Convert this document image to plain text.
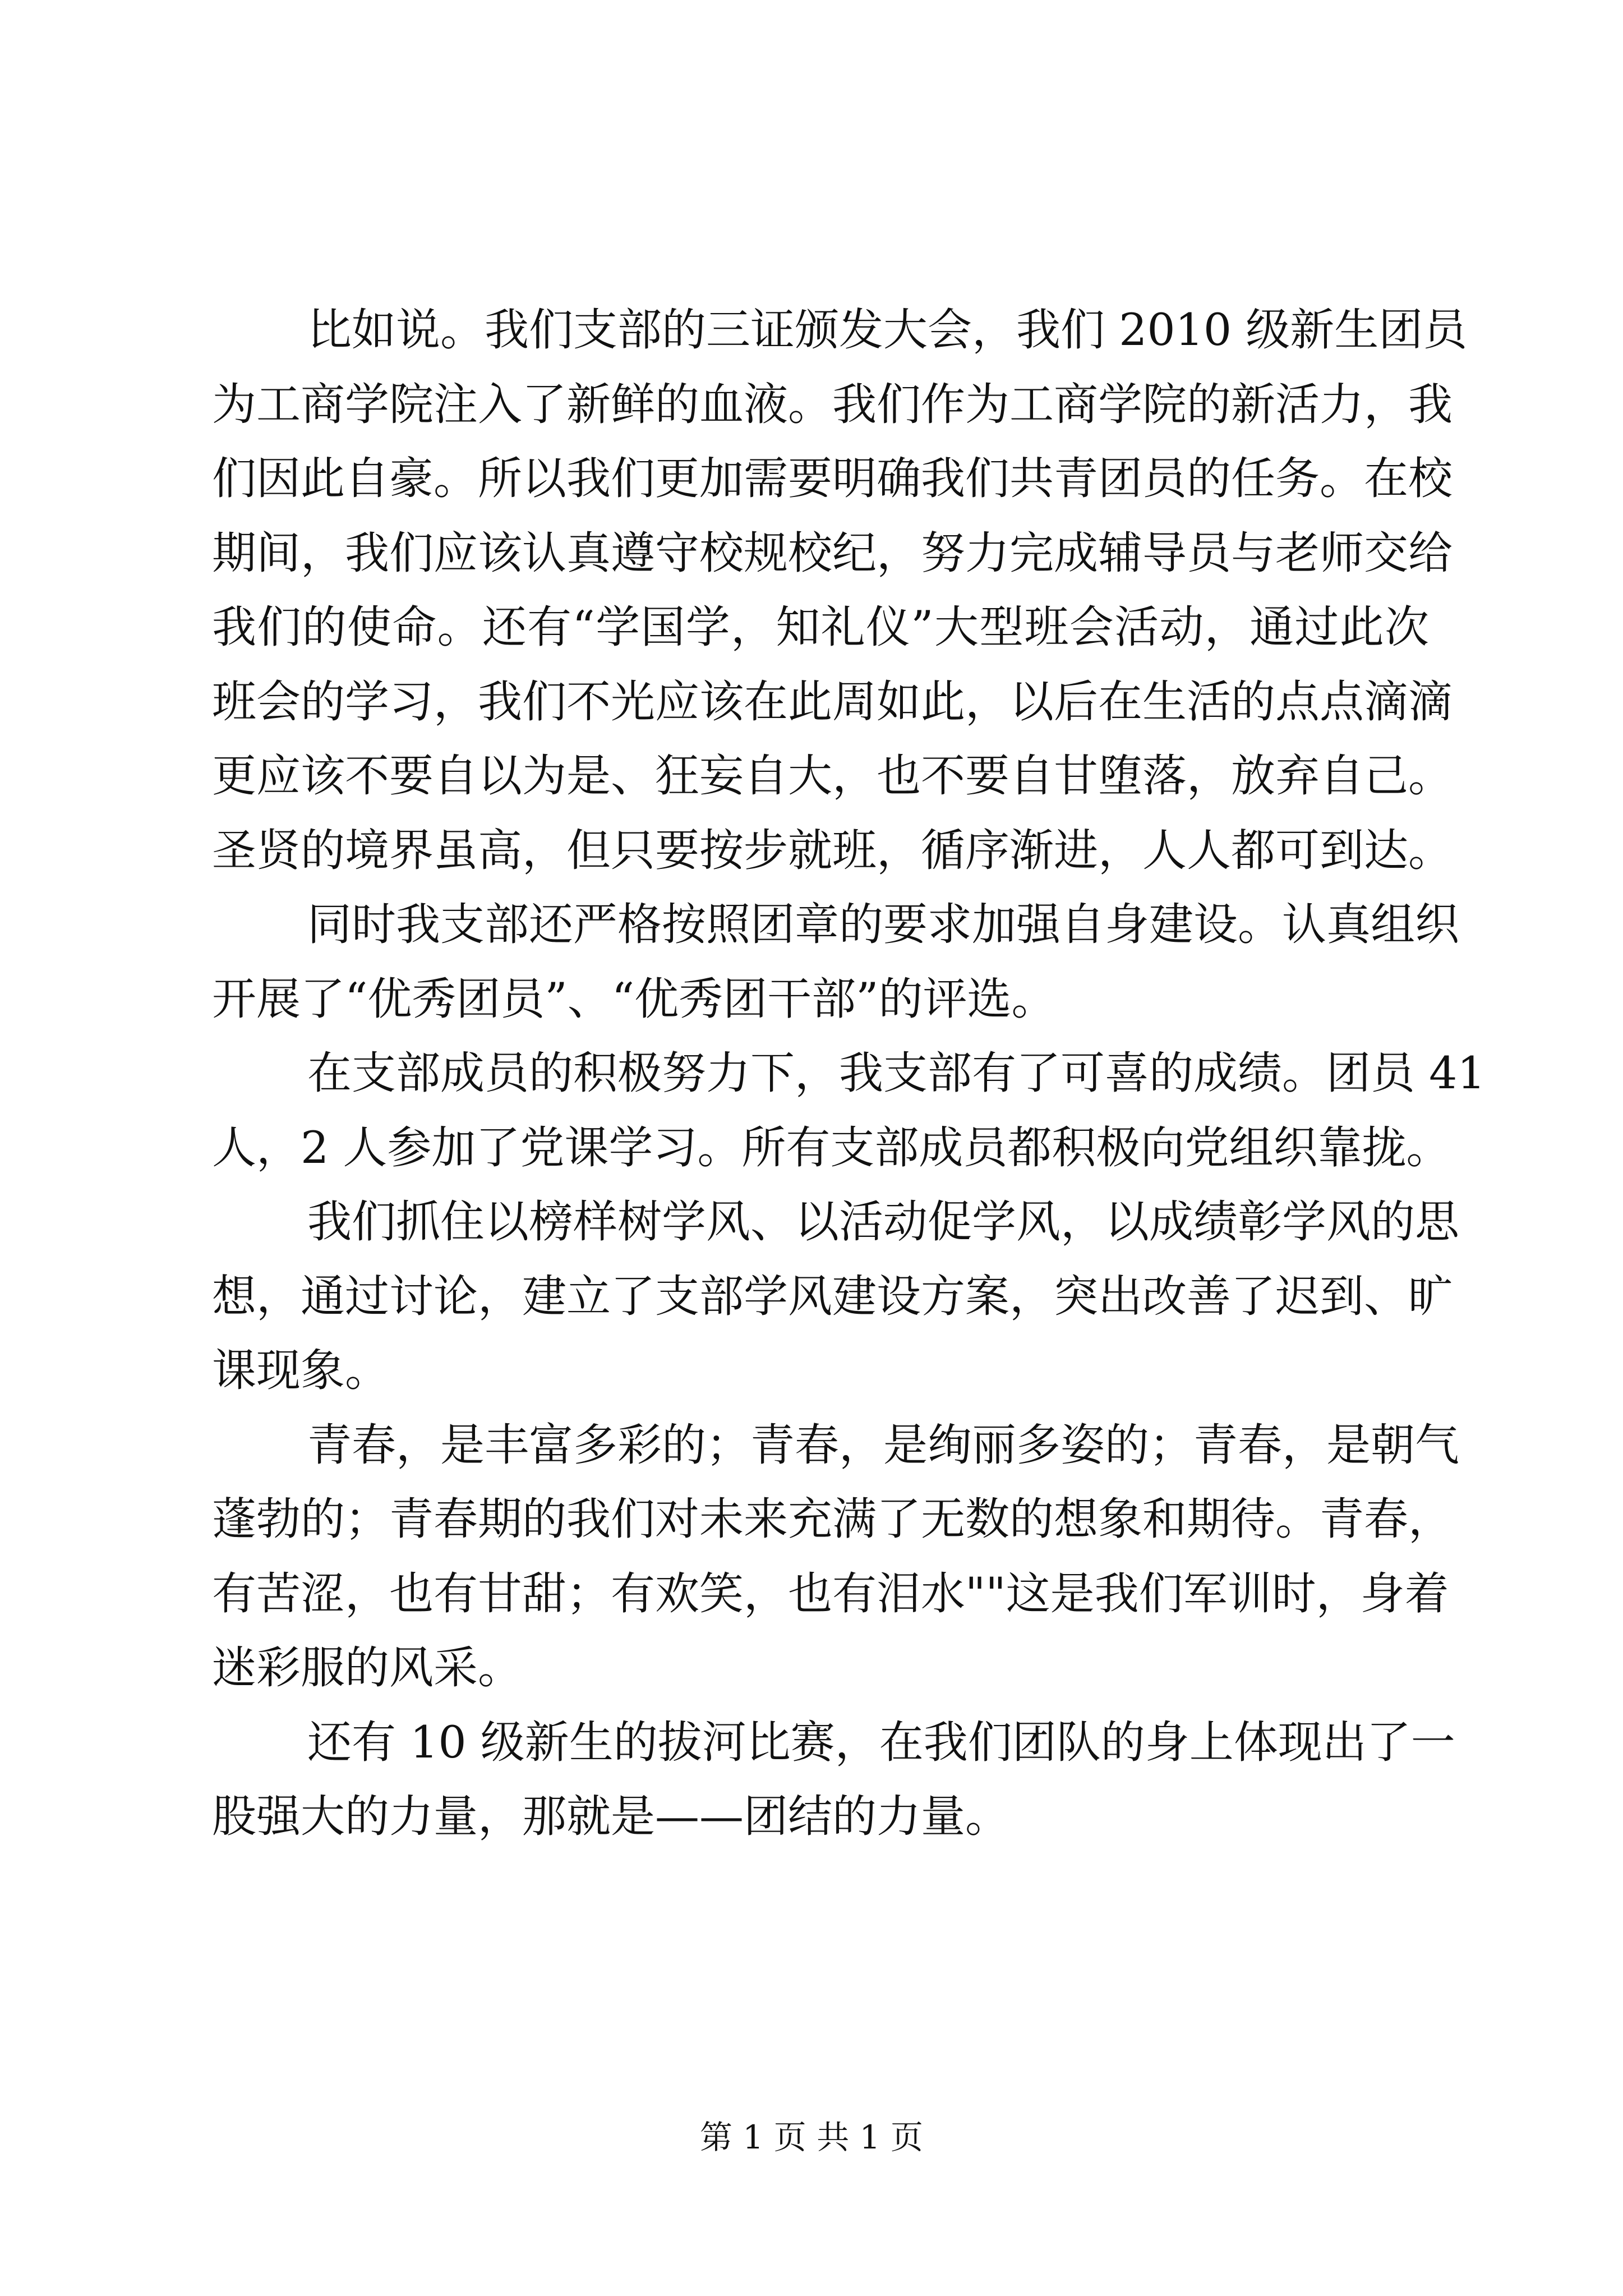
比如说。我们支部的三证颁发大会，我们 2010 级新生团员
为工商学院注入了新鲜的血液。我们作为工商学院的新活力，我
们因此自豪。所以我们更加需要明确我们共青团员的任务。在校
期间，我们应该认真遵守校规校纪，努力完成辅导员与老师交给
我们的使命。还有“学国学，知礼仪”大型班会活动，通过此次
班会的学习，我们不光应该在此周如此，以后在生活的点点滴滴
更应该不要自以为是、狂妄自大，也不要自甘堕落，放弃自己。
圣贤的境界虽高，但只要按步就班，循序渐进，人人都可到达。
同时我支部还严格按照团章的要求加强自身建设。认真组织
开展了“优秀团员”、“优秀团干部”的评选。
在支部成员的积极努力下，我支部有了可喜的成绩。团员 41
人，2 人参加了党课学习。所有支部成员都积极向党组织靠拢。
我们抓住以榜样树学风、以活动促学风，以成绩彰学风的思
想，通过讨论，建立了支部学风建设方案，突出改善了迟到、旷
课现象。
青春，是丰富多彩的；青春，是绚丽多姿的；青春，是朝气
蓬勃的；青春期的我们对未来充满了无数的想象和期待。青春，
有苦涩，也有甘甜；有欢笑，也有泪水""这是我们军训时，身着
迷彩服的风采。
还有 10 级新生的拔河比赛，在我们团队的身上体现出了一
股强大的力量，那就是——团结的力量。
第 1 页 共 1 页
